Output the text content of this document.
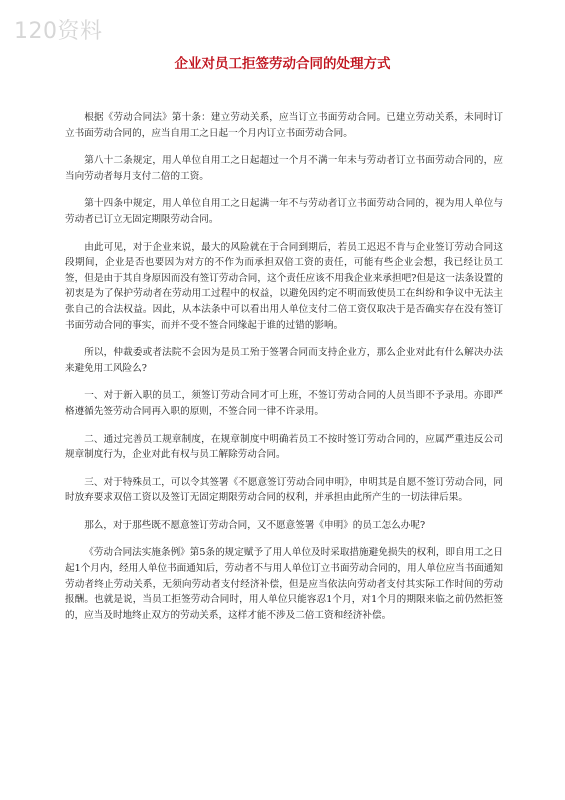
120资料
企业对员工拒签劳动合同的处理方式

根据《劳动合同法》第十条：建立劳动关系，应当订立书面劳动合同。已建立劳动关系，未同时订立书面劳动合同的，应当自用工之日起一个月内订立书面劳动合同。

第八十二条规定，用人单位自用工之日起超过一个月不满一年未与劳动者订立书面劳动合同的，应当向劳动者每月支付二倍的工资。

第十四条中规定，用人单位自用工之日起满一年不与劳动者订立书面劳动合同的，视为用人单位与劳动者已订立无固定期限劳动合同。

由此可见，对于企业来说，最大的风险就在于合同到期后，若员工迟迟不肯与企业签订劳动合同这段期间，企业是否也要因为对方的不作为而承担双倍工资的责任，可能有些企业会想，我已经让员工签，但是由于其自身原因而没有签订劳动合同，这个责任应该不用我企业来承担吧?但是这一法条设置的初衷是为了保护劳动者在劳动用工过程中的权益，以避免因约定不明而致使员工在纠纷和争议中无法主张自己的合法权益。因此，从本法条中可以看出用人单位支付二倍工资仅取决于是否确实存在没有签订书面劳动合同的事实，而并不受不签合同缘起于谁的过错的影响。

所以，仲裁委或者法院不会因为是员工殆于签署合同而支持企业方，那么企业对此有什么解决办法来避免用工风险么?

一、对于新入职的员工，须签订劳动合同才可上班，不签订劳动合同的人员当即不予录用。亦即严格遵循先签劳动合同再入职的原则，不签合同一律不许录用。

二、通过完善员工规章制度，在规章制度中明确若员工不按时签订劳动合同的，应属严重违反公司规章制度行为，企业对此有权与员工解除劳动合同。

三、对于特殊员工，可以令其签署《不愿意签订劳动合同申明》，申明其是自愿不签订劳动合同，同时放弃要求双倍工资以及签订无固定期限劳动合同的权利，并承担由此所产生的一切法律后果。

那么，对于那些既不愿意签订劳动合同，又不愿意签署《申明》的员工怎么办呢?

《劳动合同法实施条例》第5条的规定赋予了用人单位及时采取措施避免损失的权利，即自用工之日起1个月内，经用人单位书面通知后，劳动者不与用人单位订立书面劳动合同的，用人单位应当书面通知劳动者终止劳动关系，无须向劳动者支付经济补偿，但是应当依法向劳动者支付其实际工作时间的劳动报酬。也就是说，当员工拒签劳动合同时，用人单位只能容忍1个月，对1个月的期限来临之前仍然拒签的，应当及时地终止双方的劳动关系，这样才能不涉及二倍工资和经济补偿。
